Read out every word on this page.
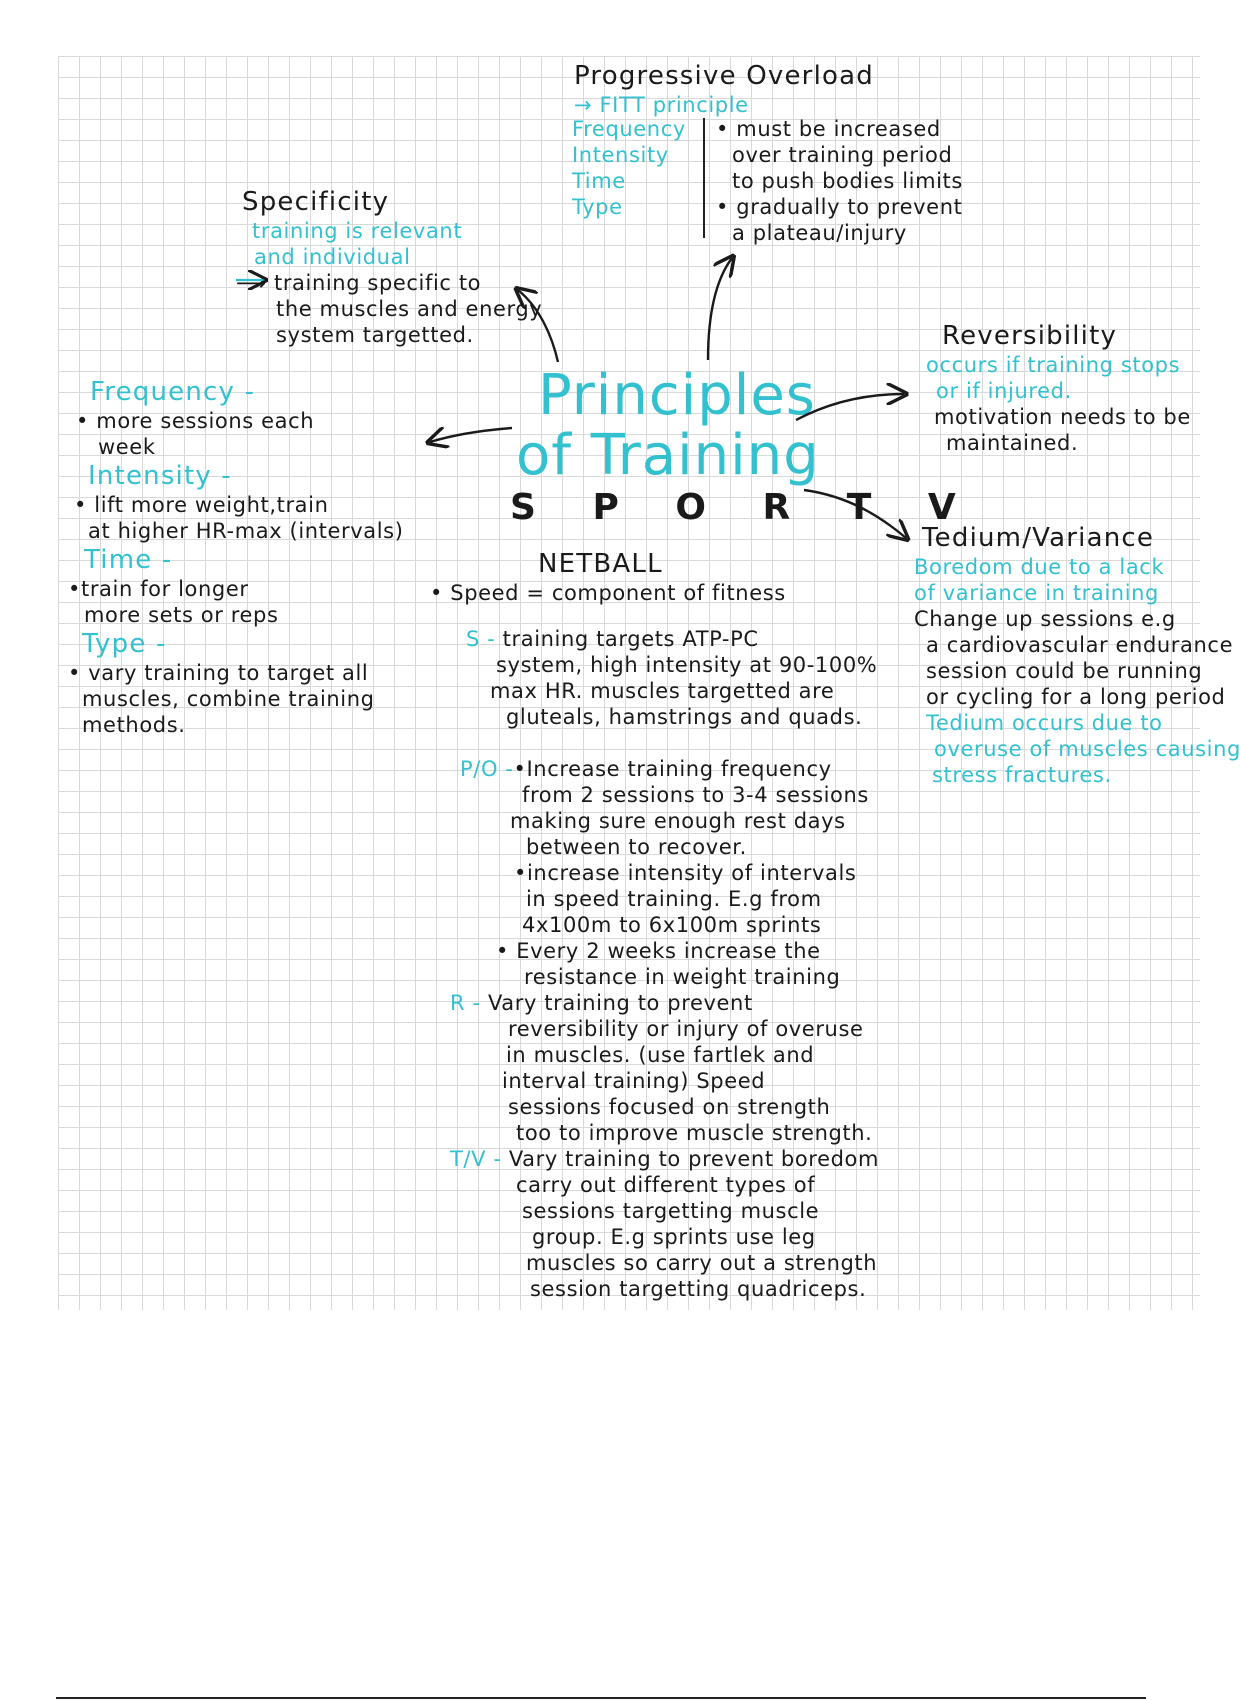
Progressive Overload
→ FITT principle
Frequency
Intensity
Time
Type
• must be increased
over training period
to push bodies limits
• gradually to prevent
a plateau/injury
Specificity
training is relevant
and individual
⟶ training specific to
the muscles and energy
system targetted.	Reversibility
occurs if training stops
or if injured.
motivation needs to be
maintained.
Principles
of Training
S P O R T V
Frequency -
• more sessions each
week
Intensity -
• lift more weight,train
at higher HR-max (intervals)
Time -
•train for longer
more sets or reps
Type -
• vary training to target all
muscles, combine training
methods.
Tedium/Variance
Boredom due to a lack
of variance in training
Change up sessions e.g
a cardiovascular endurance
session could be running
or cycling for a long period
Tedium occurs due to
overuse of muscles causing
stress fractures.
NETBALL
• Speed = component of fitness
S - training targets ATP-PC
system, high intensity at 90-100%
max HR. muscles targetted are
gluteals, hamstrings and quads.
P/O -•Increase training frequency
from 2 sessions to 3-4 sessions
making sure enough rest days
between to recover.
•increase intensity of intervals
in speed training. E.g from
4x100m to 6x100m sprints
• Every 2 weeks increase the
resistance in weight training
R - Vary training to prevent
reversibility or injury of overuse
in muscles. (use fartlek and
interval training) Speed
sessions focused on strength
too to improve muscle strength.
T/V - Vary training to prevent boredom
carry out different types of
sessions targetting muscle
group. E.g sprints use leg
muscles so carry out a strength
session targetting quadriceps.
